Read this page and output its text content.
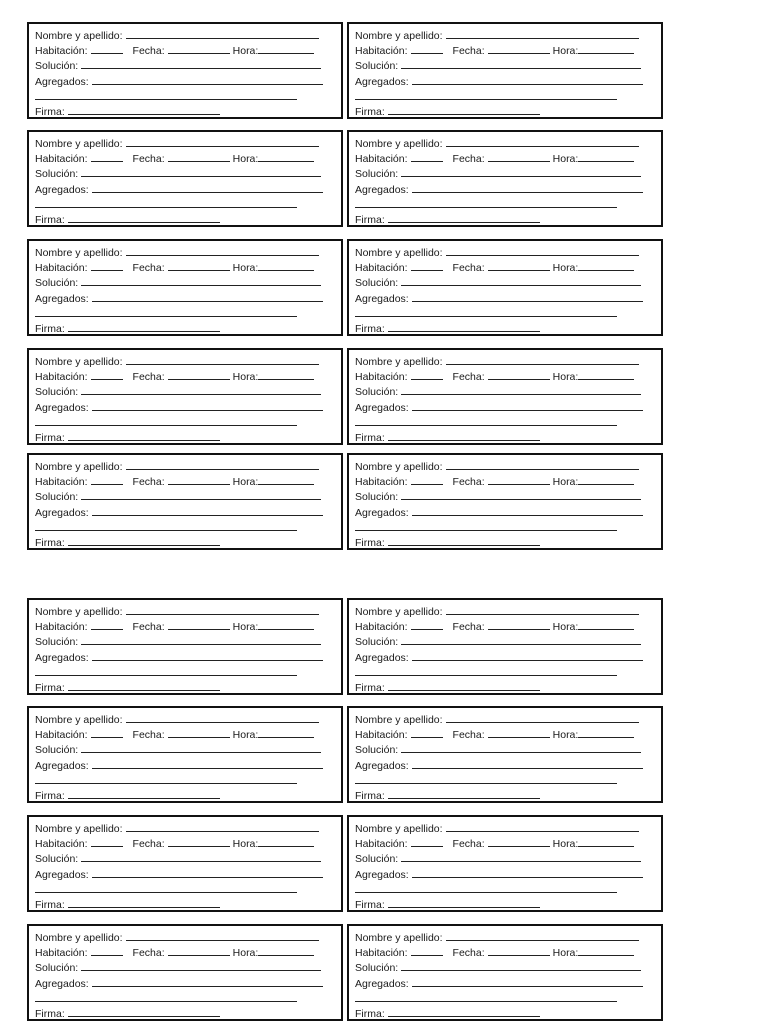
Nombre y apellido:
Habitación:	Fecha:	Hora:
Solución:
Agregados:
Firma:
Nombre y apellido:
Habitación:	Fecha:	Hora:
Solución:
Agregados:
Firma:
Nombre y apellido:
Habitación:	Fecha:	Hora:
Solución:
Agregados:
Firma:
Nombre y apellido:
Habitación:	Fecha:	Hora:
Solución:
Agregados:
Firma:
Nombre y apellido:
Habitación:	Fecha:	Hora:
Solución:
Agregados:
Firma:
Nombre y apellido:
Habitación:	Fecha:	Hora:
Solución:
Agregados:
Firma:
Nombre y apellido:
Habitación:	Fecha:	Hora:
Solución:
Agregados:
Firma:
Nombre y apellido:
Habitación:	Fecha:	Hora:
Solución:
Agregados:
Firma:
Nombre y apellido:
Habitación:	Fecha:	Hora:
Solución:
Agregados:
Firma:
Nombre y apellido:
Habitación:	Fecha:	Hora:
Solución:
Agregados:
Firma:
Nombre y apellido:
Habitación:	Fecha:	Hora:
Solución:
Agregados:
Firma:
Nombre y apellido:
Habitación:	Fecha:	Hora:
Solución:
Agregados:
Firma:
Nombre y apellido:
Habitación:	Fecha:	Hora:
Solución:
Agregados:
Firma:
Nombre y apellido:
Habitación:	Fecha:	Hora:
Solución:
Agregados:
Firma:
Nombre y apellido:
Habitación:	Fecha:	Hora:
Solución:
Agregados:
Firma:
Nombre y apellido:
Habitación:	Fecha:	Hora:
Solución:
Agregados:
Firma:
Nombre y apellido:
Habitación:	Fecha:	Hora:
Solución:
Agregados:
Firma:
Nombre y apellido:
Habitación:	Fecha:	Hora:
Solución:
Agregados:
Firma:
